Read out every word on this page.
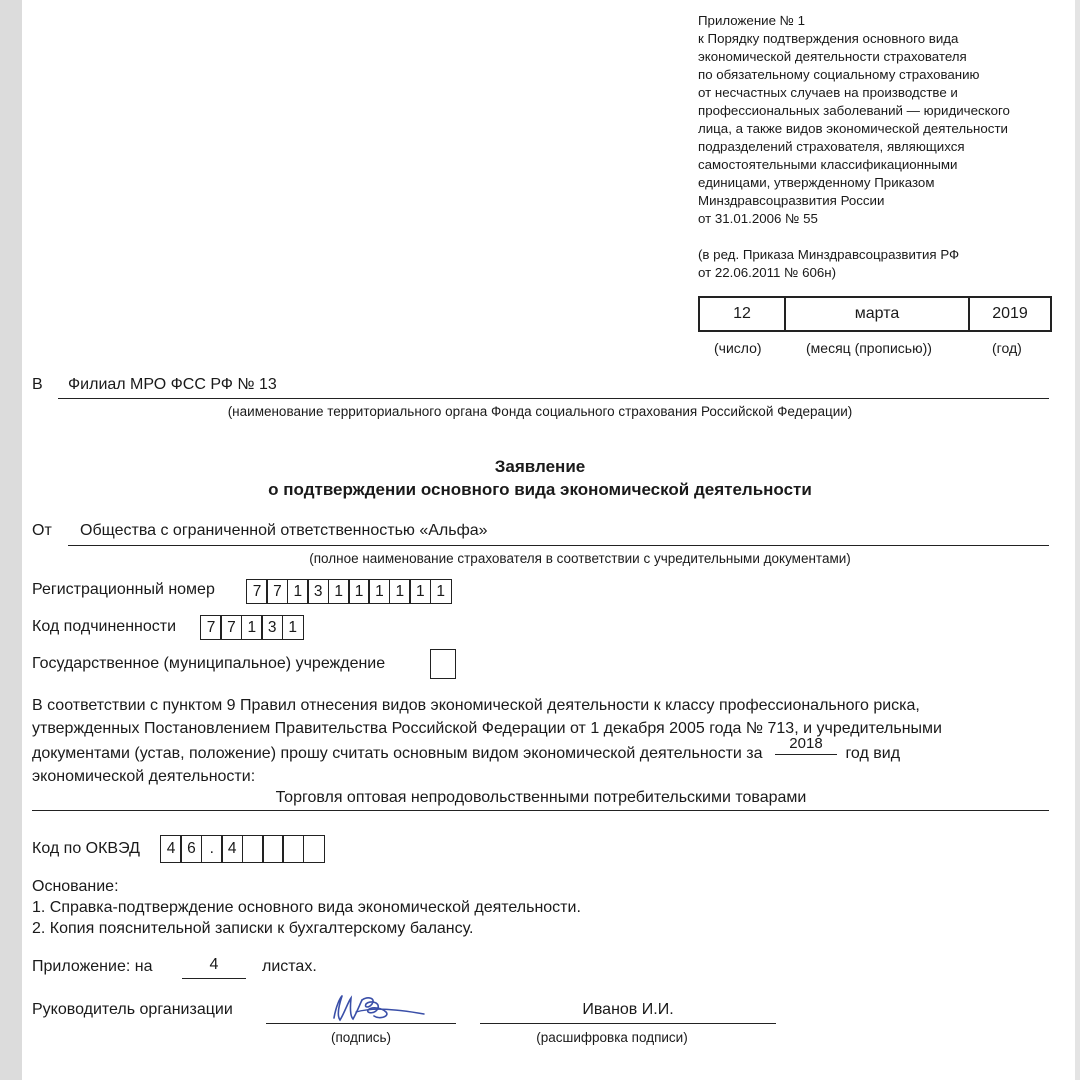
Приложение № 1
к Порядку подтверждения основного вида
экономической деятельности страхователя
по обязательному социальному страхованию
от несчастных случаев на производстве и
профессиональных заболеваний — юридического
лица, а также видов экономической деятельности
подразделений страхователя, являющихся
самостоятельными классификационными
единицами, утвержденному Приказом
Минздравсоцразвития России
от 31.01.2006 № 55
(в ред. Приказа Минздравсоцразвития РФ
от 22.06.2011 № 606н)
12	марта	2019
(число)	(месяц (прописью))	(год)
В Филиал МРО ФСС РФ № 13
(наименование территориального органа Фонда социального страхования Российской Федерации)
Заявление
о подтверждении основного вида экономической деятельности
От Общества с ограниченной ответственностью «Альфа»
(полное наименование страхователя в соответствии с учредительными документами)
Регистрационный номер	7 7 1 3 1 1 1 1 1 1
Код подчиненности	7 7 1 3 1
Государственное (муниципальное) учреждение
В соответствии с пунктом 9 Правил отнесения видов экономической деятельности к классу профессионального риска,
утвержденных Постановлением Правительства Российской Федерации от 1 декабря 2005 года № 713, и учредительными
документами (устав, положение) прошу считать основным видом экономической деятельности за
2018
год вид
экономической деятельности:
Торговля оптовая непродовольственными потребительскими товарами
Код по ОКВЭД	4 6 . 4
Основание:
1. Справка-подтверждение основного вида экономической деятельности.
2. Копия пояснительной записки к бухгалтерскому балансу.
Приложение: на	4	листах.
Руководитель организации
(подпись)
Иванов И.И.
(расшифровка подписи)
